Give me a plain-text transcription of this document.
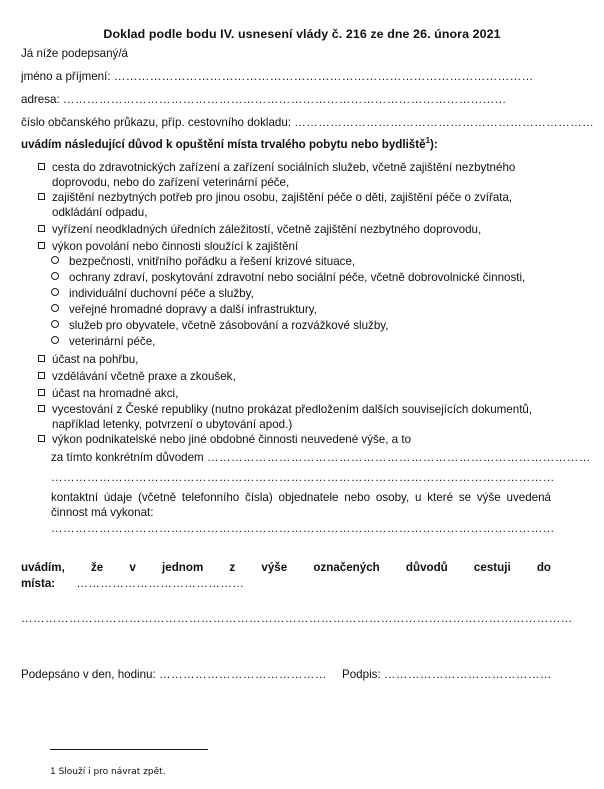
Doklad podle bodu IV. usnesení vlády č. 216 ze dne 26. února 2021
Já níže podepsaný/á
jméno a příjmení: ……………………………………………………………………………………………
adresa: …………………………………………………………………………………………………
číslo občanského průkazu, příp. cestovního dokladu: …………………………………………………………………
uvádím následující důvod k opuštění místa trvalého pobytu nebo bydliště$^1$):
cesta do zdravotnických zařízení a zařízení sociálních služeb, včetně zajištění nezbytného doprovodu, nebo do zařízení veterinární péče,
zajištění nezbytných potřeb pro jinou osobu, zajištění péče o děti, zajištění péče o zvířata, odkládání odpadu,
vyřízení neodkladných úředních záležitostí, včetně zajištění nezbytného doprovodu,
výkon povolání nebo činnosti sloužící k zajištění
bezpečnosti, vnitřního pořádku a řešení krizové situace,
ochrany zdraví, poskytování zdravotní nebo sociální péče, včetně dobrovolnické činnosti,
individuální duchovní péče a služby,
veřejné hromadné dopravy a další infrastruktury,
služeb pro obyvatele, včetně zásobování a rozvážkové služby,
veterinární péče,
účast na pohřbu,
vzdělávání včetně praxe a zkoušek,
účast na hromadné akci,
vycestování z České republiky (nutno prokázat předložením dalších souvisejících dokumentů, například letenky, potvrzení o ubytování apod.)
výkon podnikatelské nebo jiné obdobné činnosti neuvedené výše, a to
za tímto konkrétním důvodem ……………………………………………………………………………………
………………………………………………………………………………………………………………
kontaktní údaje (včetně telefonního čísla) objednatele nebo osoby, u které se výše uvedená činnost má vykonat:
………………………………………………………………………………………………………………
uvádím, že v jednom z výše označených důvodů cestuji do místa: ……………………………………
…………………………………………………………………………………………………………………………
Podepsáno v den, hodinu: …………………………………… Podpis: ……………………………………
1 Slouží i pro návrat zpět.
